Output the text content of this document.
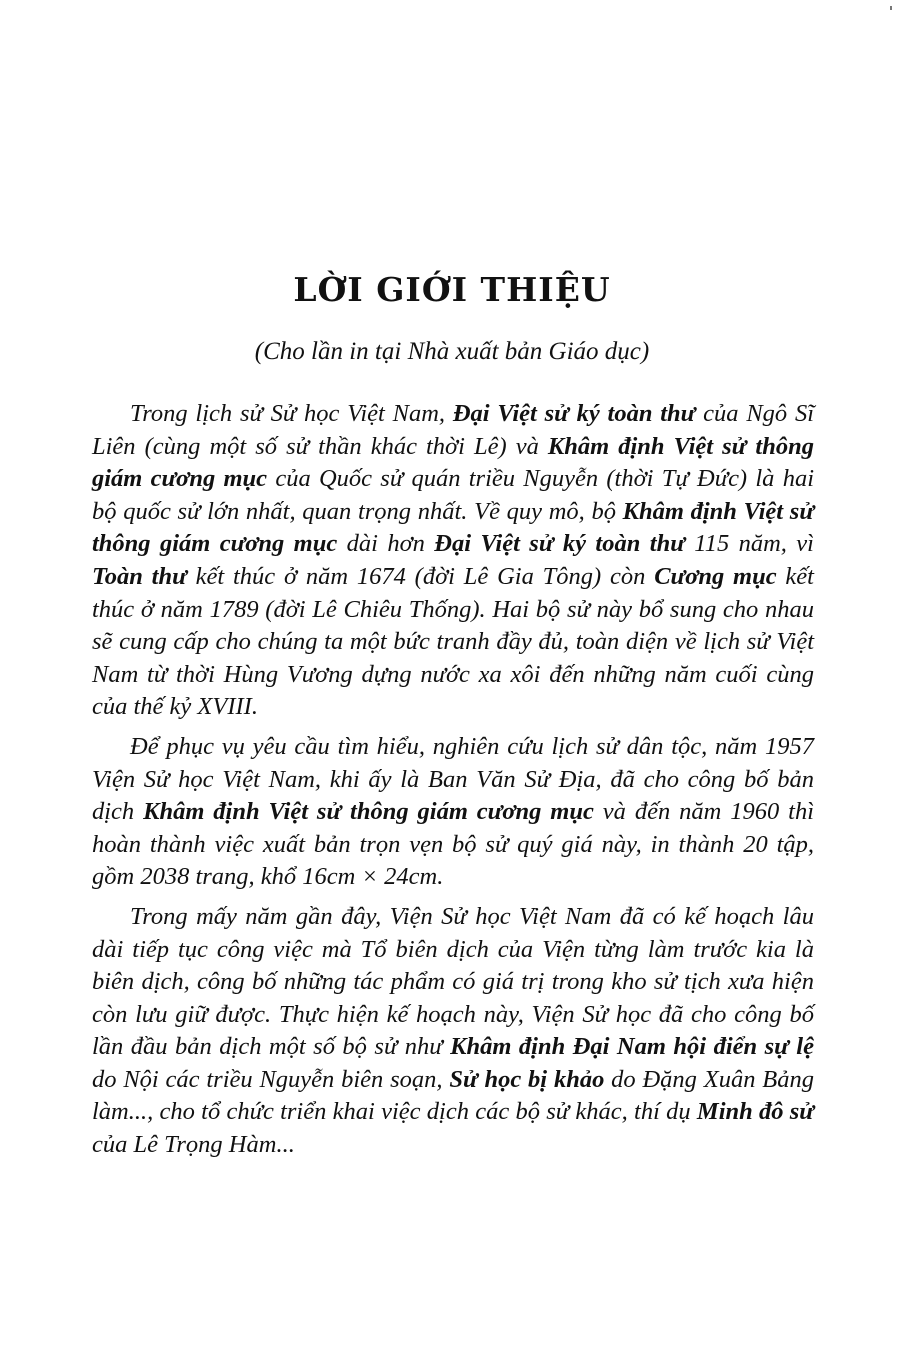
LỜI GIỚI THIỆU
(Cho lần in tại Nhà xuất bản Giáo dục)

Trong lịch sử Sử học Việt Nam, Đại Việt sử ký toàn thư của Ngô Sĩ Liên (cùng một số sử thần khác thời Lê) và Khâm định Việt sử thông giám cương mục của Quốc sử quán triều Nguyễn (thời Tự Đức) là hai bộ quốc sử lớn nhất, quan trọng nhất. Về quy mô, bộ Khâm định Việt sử thông giám cương mục dài hơn Đại Việt sử ký toàn thư 115 năm, vì Toàn thư kết thúc ở năm 1674 (đời Lê Gia Tông) còn Cương mục kết thúc ở năm 1789 (đời Lê Chiêu Thống). Hai bộ sử này bổ sung cho nhau sẽ cung cấp cho chúng ta một bức tranh đầy đủ, toàn diện về lịch sử Việt Nam từ thời Hùng Vương dựng nước xa xôi đến những năm cuối cùng của thế kỷ XVIII.

Để phục vụ yêu cầu tìm hiểu, nghiên cứu lịch sử dân tộc, năm 1957 Viện Sử học Việt Nam, khi ấy là Ban Văn Sử Địa, đã cho công bố bản dịch Khâm định Việt sử thông giám cương mục và đến năm 1960 thì hoàn thành việc xuất bản trọn vẹn bộ sử quý giá này, in thành 20 tập, gồm 2038 trang, khổ 16cm × 24cm.

Trong mấy năm gần đây, Viện Sử học Việt Nam đã có kế hoạch lâu dài tiếp tục công việc mà Tổ biên dịch của Viện từng làm trước kia là biên dịch, công bố những tác phẩm có giá trị trong kho sử tịch xưa hiện còn lưu giữ được. Thực hiện kế hoạch này, Viện Sử học đã cho công bố lần đầu bản dịch một số bộ sử như Khâm định Đại Nam hội điển sự lệ do Nội các triều Nguyễn biên soạn, Sử học bị khảo do Đặng Xuân Bảng làm..., cho tổ chức triển khai việc dịch các bộ sử khác, thí dụ Minh đô sử của Lê Trọng Hàm...
